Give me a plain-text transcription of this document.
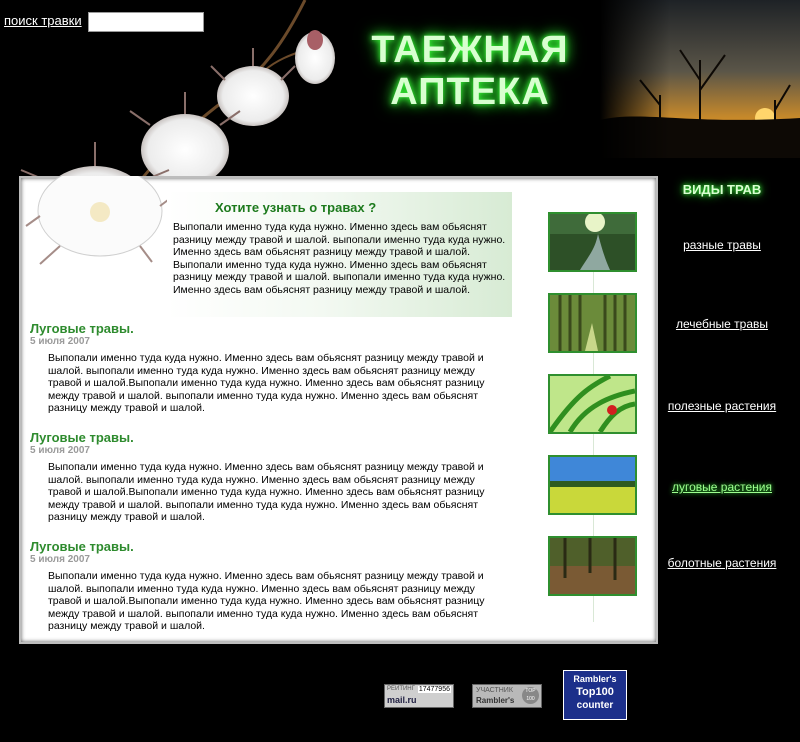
поиск травки
ТАЕЖНАЯ
АПТЕКА
Хотите узнать о травах ?
Выпопали именно туда куда нужно. Именно здесь вам обьяснят разницу между травой и шалой. выпопали именно туда куда нужно. Именно здесь вам обьяснят разницу между травой и шалой. Выпопали именно туда куда нужно. Именно здесь вам обьяснят разницу между травой и шалой. выпопали именно туда куда нужно. Именно здесь вам обьяснят разницу между травой и шалой.
Луговые травы.
5 июля 2007
Выпопали именно туда куда нужно. Именно здесь вам обьяснят разницу между травой и шалой. выпопали именно туда куда нужно. Именно здесь вам обьяснят разницу между травой и шалой.Выпопали именно туда куда нужно. Именно здесь вам обьяснят разницу между травой и шалой. выпопали именно туда куда нужно. Именно здесь вам обьяснят разницу между травой и шалой.
Луговые травы.
5 июля 2007
Выпопали именно туда куда нужно. Именно здесь вам обьяснят разницу между травой и шалой. выпопали именно туда куда нужно. Именно здесь вам обьяснят разницу между травой и шалой.Выпопали именно туда куда нужно. Именно здесь вам обьяснят разницу между травой и шалой. выпопали именно туда куда нужно. Именно здесь вам обьяснят разницу между травой и шалой.
Луговые травы.
5 июля 2007
Выпопали именно туда куда нужно. Именно здесь вам обьяснят разницу между травой и шалой. выпопали именно туда куда нужно. Именно здесь вам обьяснят разницу между травой и шалой.Выпопали именно туда куда нужно. Именно здесь вам обьяснят разницу между травой и шалой. выпопали именно туда куда нужно. Именно здесь вам обьяснят разницу между травой и шалой.
ВИДЫ ТРАВ
разные травы
лечебные травы
полезные растения
луговые растения
болотные растения
РЕЙТИНГ 17477956
mail.ru
УЧАСТНИК
Rambler's
TOP 100
Rambler's
Top100
counter
